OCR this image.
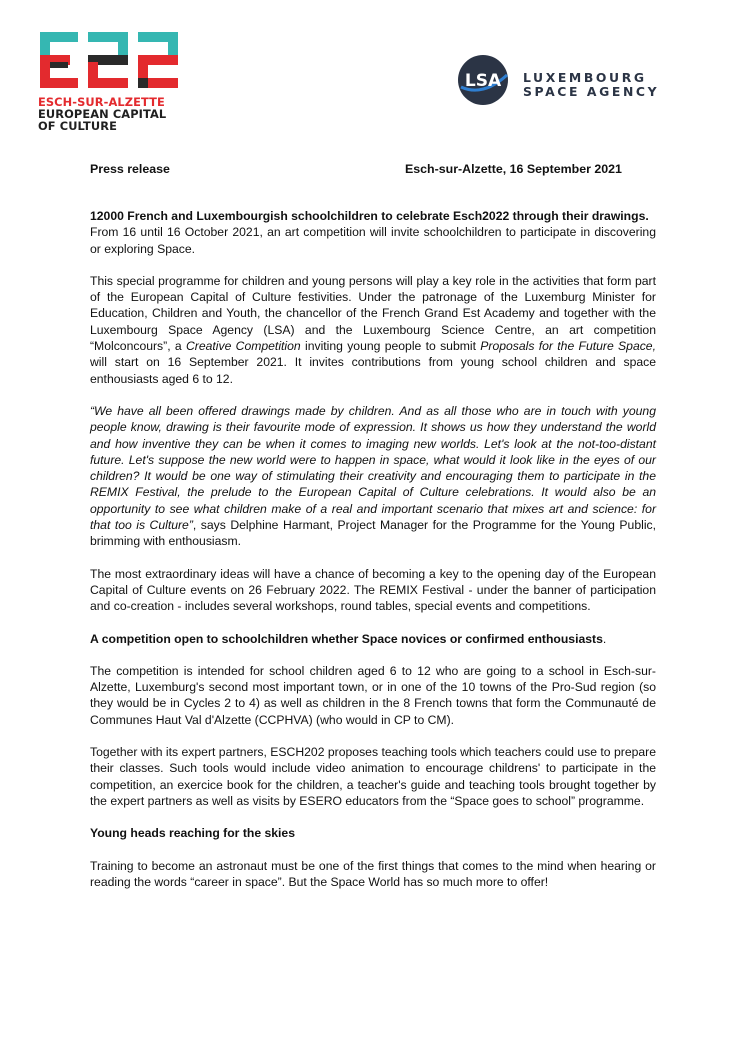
ESCH-SUR-ALZETTE
EUROPEAN CAPITAL
OF CULTURE
LSA LUXEMBOURG
SPACE AGENCY
Press release	Esch-sur-Alzette, 16 September 2021

12000 French and Luxembourgish schoolchildren to celebrate Esch2022 through their drawings.
From 16 until 16 October 2021, an art competition will invite schoolchildren to participate in discovering or exploring Space.

This special programme for children and young persons will play a key role in the activities that form part of the European Capital of Culture festivities. Under the patronage of the Luxemburg Minister for Education, Children and Youth, the chancellor of the French Grand Est Academy and together with the Luxembourg Space Agency (LSA) and the Luxembourg Science Centre, an art competition “Molconcours”, a Creative Competition inviting young people to submit Proposals for the Future Space, will start on 16 September 2021. It invites contributions from young school children and space enthousiasts aged 6 to 12.

“We have all been offered drawings made by children. And as all those who are in touch with young people know, drawing is their favourite mode of expression. It shows us how they understand the world and how inventive they can be when it comes to imaging new worlds. Let's look at the not-too-distant future. Let's suppose the new world were to happen in space, what would it look like in the eyes of our children? It would be one way of stimulating their creativity and encouraging them to participate in the REMIX Festival, the prelude to the European Capital of Culture celebrations. It would also be an opportunity to see what children make of a real and important scenario that mixes art and science: for that too is Culture”, says Delphine Harmant, Project Manager for the Programme for the Young Public, brimming with enthousiasm.

The most extraordinary ideas will have a chance of becoming a key to the opening day of the European Capital of Culture events on 26 February 2022. The REMIX Festival - under the banner of participation and co-creation - includes several workshops, round tables, special events and competitions.

A competition open to schoolchildren whether Space novices or confirmed enthousiasts.

The competition is intended for school children aged 6 to 12 who are going to a school in Esch-sur-Alzette, Luxemburg's second most important town, or in one of the 10 towns of the Pro-Sud region (so they would be in Cycles 2 to 4) as well as children in the 8 French towns that form the Communauté de Communes Haut Val d'Alzette (CCPHVA) (who would in CP to CM).

Together with its expert partners, ESCH202 proposes teaching tools which teachers could use to prepare their classes. Such tools would include video animation to encourage childrens' to participate in the competition, an exercice book for the children, a teacher's guide and teaching tools brought together by the expert partners as well as visits by ESERO educators from the “Space goes to school” programme.

Young heads reaching for the skies

Training to become an astronaut must be one of the first things that comes to the mind when hearing or reading the words “career in space”. But the Space World has so much more to offer!
